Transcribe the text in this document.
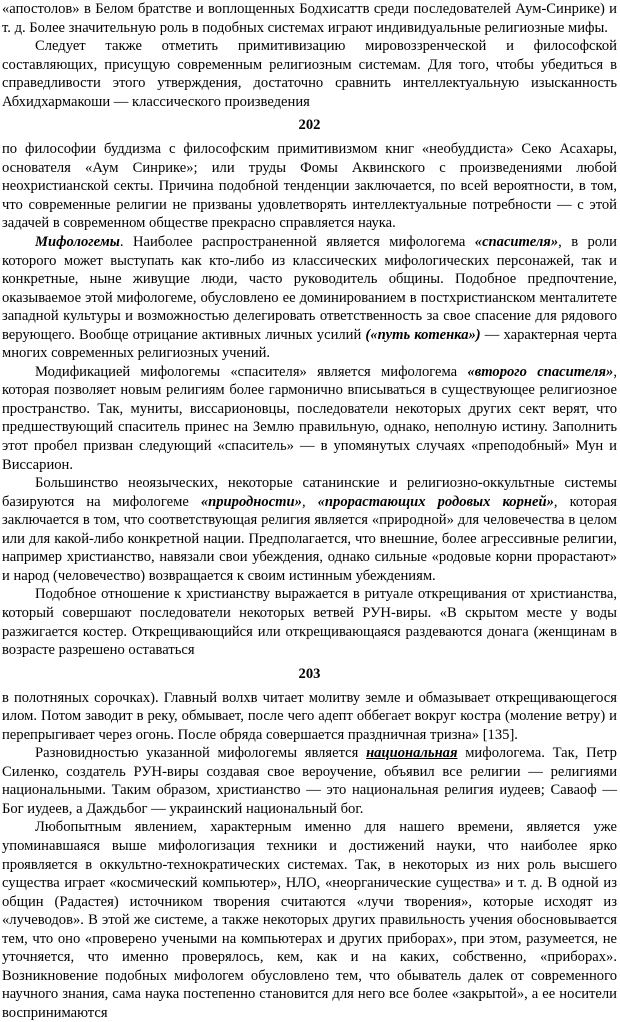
«апостолов» в Белом братстве и воплощенных Бодхисаттв среди последователей Аум-Синрике) и т. д. Более значительную роль в подобных системах играют индивидуальные религиозные мифы.

Следует также отметить примитивизацию мировоззренческой и философской составляющих, присущую современным религиозным системам. Для того, чтобы убедиться в справедливости этого утверждения, достаточно сравнить интеллектуальную изысканность Абхидхармакоши — классического произведения

202

по философии буддизма с философским примитивизмом книг «необуддиста» Секо Асахары, основателя «Аум Синрике»; или труды Фомы Аквинского с произведениями любой неохристианской секты. Причина подобной тенденции заключается, по всей вероятности, в том, что современные религии не призваны удовлетворять интеллектуальные потребности — с этой задачей в современном обществе прекрасно справляется наука.

Мифологемы. Наиболее распространенной является мифологема «спасителя», в роли которого может выступать как кто-либо из классических мифологических персонажей, так и конкретные, ныне живущие люди, часто руководитель общины. Подобное предпочтение, оказываемое этой мифологеме, обусловлено ее доминированием в постхристианском менталитете западной культуры и возможностью делегировать ответственность за свое спасение для рядового верующего. Вообще отрицание активных личных усилий («путь котенка») — характерная черта многих современных религиозных учений.

Модификацией мифологемы «спасителя» является мифологема «второго спасителя», которая позволяет новым религиям более гармонично вписываться в существующее религиозное пространство. Так, муниты, виссарионовцы, последователи некоторых других сект верят, что предшествующий спаситель принес на Землю правильную, однако, неполную истину. Заполнить этот пробел призван следующий «спаситель» — в упомянутых случаях «преподобный» Мун и Виссарион.

Большинство неоязыческих, некоторые сатанинские и религиозно-оккультные системы базируются на мифологеме «природности», «прорастающих родовых корней», которая заключается в том, что соответствующая религия является «природной» для человечества в целом или для какой-либо конкретной нации. Предполагается, что внешние, более агрессивные религии, например христианство, навязали свои убеждения, однако сильные «родовые корни прорастают» и народ (человечество) возвращается к своим истинным убеждениям.

Подобное отношение к христианству выражается в ритуале открещивания от христианства, который совершают последователи некоторых ветвей РУН-виры. «В скрытом месте у воды разжигается костер. Открещивающийся или открещивающаяся раздеваются донага (женщинам в возрасте разрешено оставаться

203

в полотняных сорочках). Главный волхв читает молитву земле и обмазывает открещивающегося илом. Потом заводит в реку, обмывает, после чего адепт оббегает вокруг костра (моление ветру) и перепрыгивает через огонь. После обряда совершается праздничная тризна» [135].

Разновидностью указанной мифологемы является национальная мифологема. Так, Петр Силенко, создатель РУН-виры создавая свое вероучение, объявил все религии — религиями национальными. Таким образом, христианство — это национальная религия иудеев; Саваоф — Бог иудеев, а Даждьбог — украинский национальный бог.

Любопытным явлением, характерным именно для нашего времени, является уже упоминавшаяся выше мифологизация техники и достижений науки, что наиболее ярко проявляется в оккультно-технократических системах. Так, в некоторых из них роль высшего существа играет «космический компьютер», НЛО, «неорганические существа» и т. д. В одной из общин (Радастея) источником творения считаются «лучи творения», которые исходят из «лучеводов». В этой же системе, а также некоторых других правильность учения обосновывается тем, что оно «проверено учеными на компьютерах и других приборах», при этом, разумеется, не уточняется, что именно проверялось, кем, как и на каких, собственно, «приборах». Возникновение подобных мифологем обусловлено тем, что обыватель далек от современного научного знания, сама наука постепенно становится для него все более «закрытой», а ее носители воспринимаются
